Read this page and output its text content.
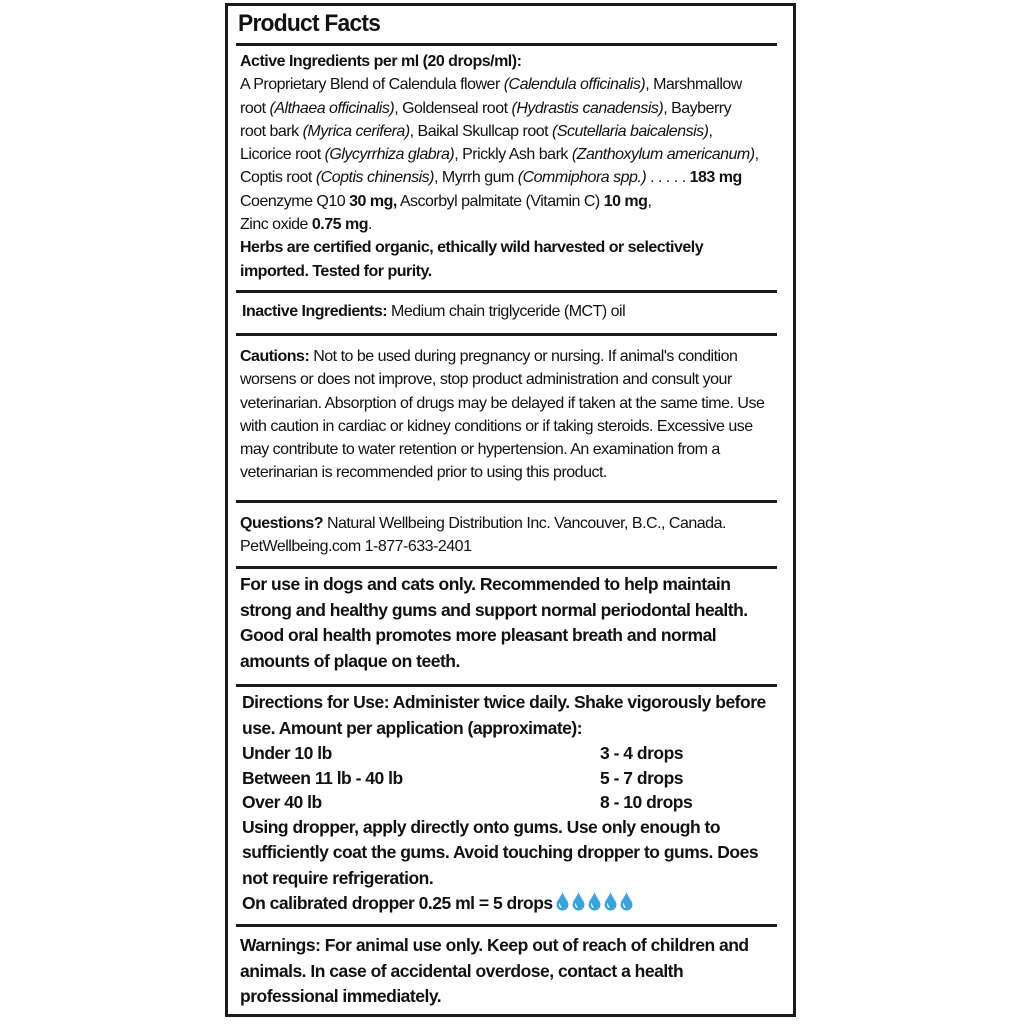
Product Facts
Active Ingredients per ml (20 drops/ml):
A Proprietary Blend of Calendula flower (Calendula officinalis), Marshmallow
root (Althaea officinalis), Goldenseal root (Hydrastis canadensis), Bayberry
root bark (Myrica cerifera), Baikal Skullcap root (Scutellaria baicalensis),
Licorice root (Glycyrrhiza glabra), Prickly Ash bark (Zanthoxylum americanum),
Coptis root (Coptis chinensis), Myrrh gum (Commiphora spp.) . . . . . 183 mg
Coenzyme Q10 30 mg, Ascorbyl palmitate (Vitamin C) 10 mg,
Zinc oxide 0.75 mg.
Herbs are certified organic, ethically wild harvested or selectively imported. Tested for purity.
Inactive Ingredients: Medium chain triglyceride (MCT) oil
Cautions: Not to be used during pregnancy or nursing. If animal's condition worsens or does not improve, stop product administration and consult your veterinarian. Absorption of drugs may be delayed if taken at the same time. Use with caution in cardiac or kidney conditions or if taking steroids. Excessive use may contribute to water retention or hypertension. An examination from a veterinarian is recommended prior to using this product.
Questions? Natural Wellbeing Distribution Inc. Vancouver, B.C., Canada.
PetWellbeing.com 1-877-633-2401
For use in dogs and cats only. Recommended to help maintain strong and healthy gums and support normal periodontal health. Good oral health promotes more pleasant breath and normal amounts of plaque on teeth.
Directions for Use: Administer twice daily. Shake vigorously before use. Amount per application (approximate):
Under 10 lb	3 - 4 drops
Between 11 lb - 40 lb	5 - 7 drops
Over 40 lb	8 - 10 drops
Using dropper, apply directly onto gums. Use only enough to sufficiently coat the gums. Avoid touching dropper to gums. Does not require refrigeration.
On calibrated dropper 0.25 ml = 5 drops
Warnings: For animal use only. Keep out of reach of children and animals. In case of accidental overdose, contact a health professional immediately.
